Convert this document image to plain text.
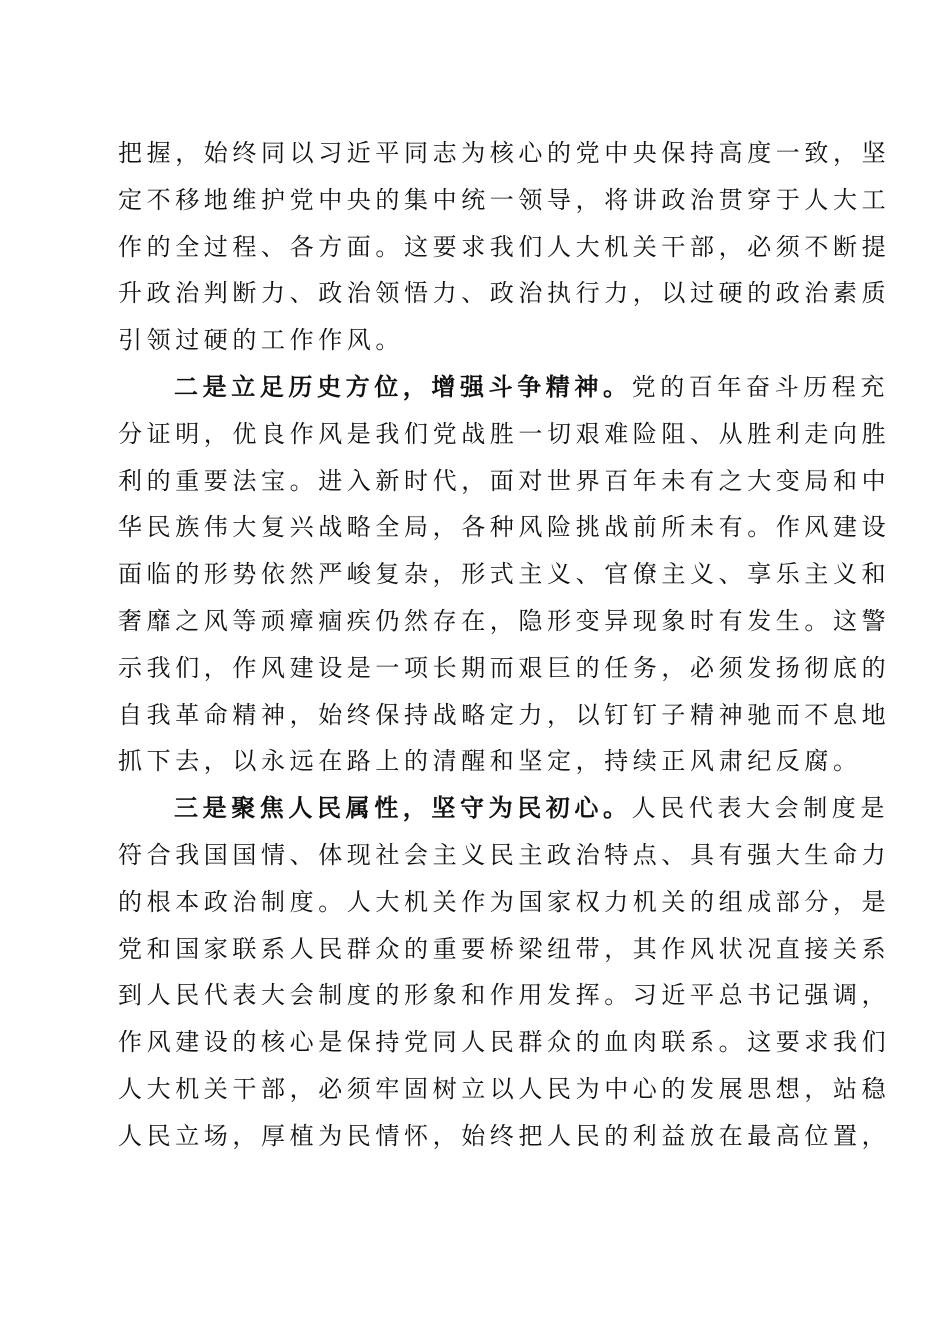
把握，始终同以习近平同志为核心的党中央保持高度一致，坚
定不移地维护党中央的集中统一领导，将讲政治贯穿于人大工
作的全过程、各方面。这要求我们人大机关干部，必须不断提
升政治判断力、政治领悟力、政治执行力，以过硬的政治素质
引领过硬的工作作风。
二是立足历史方位，增强斗争精神。党的百年奋斗历程充
分证明，优良作风是我们党战胜一切艰难险阻、从胜利走向胜
利的重要法宝。进入新时代，面对世界百年未有之大变局和中
华民族伟大复兴战略全局，各种风险挑战前所未有。作风建设
面临的形势依然严峻复杂，形式主义、官僚主义、享乐主义和
奢靡之风等顽瘴痼疾仍然存在，隐形变异现象时有发生。这警
示我们，作风建设是一项长期而艰巨的任务，必须发扬彻底的
自我革命精神，始终保持战略定力，以钉钉子精神驰而不息地
抓下去，以永远在路上的清醒和坚定，持续正风肃纪反腐。
三是聚焦人民属性，坚守为民初心。人民代表大会制度是
符合我国国情、体现社会主义民主政治特点、具有强大生命力
的根本政治制度。人大机关作为国家权力机关的组成部分，是
党和国家联系人民群众的重要桥梁纽带，其作风状况直接关系
到人民代表大会制度的形象和作用发挥。习近平总书记强调，
作风建设的核心是保持党同人民群众的血肉联系。这要求我们
人大机关干部，必须牢固树立以人民为中心的发展思想，站稳
人民立场，厚植为民情怀，始终把人民的利益放在最高位置，
